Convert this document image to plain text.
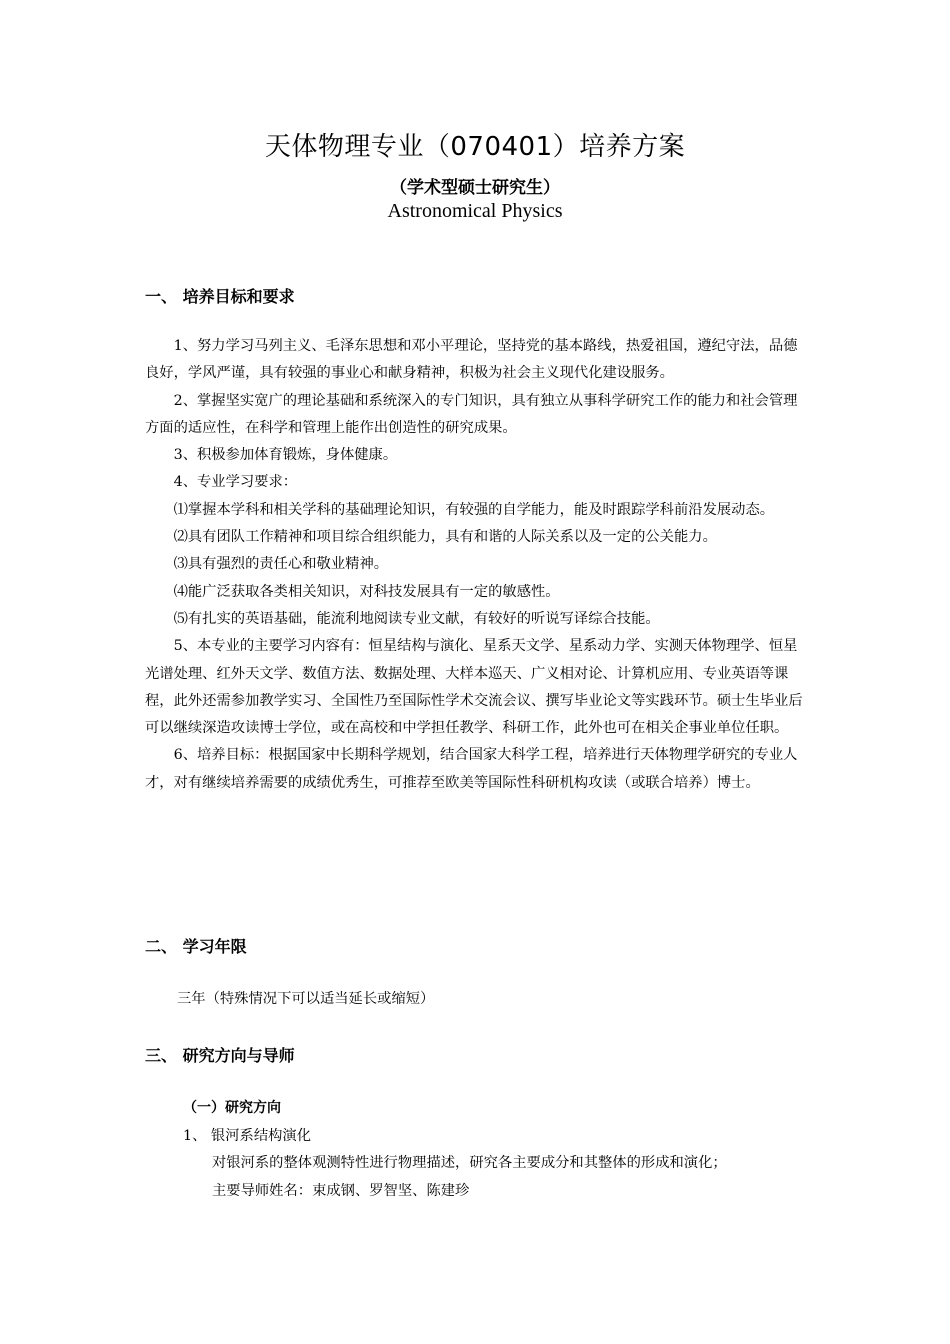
天体物理专业（070401）培养方案
（学术型硕士研究生）
Astronomical Physics
一、 培养目标和要求

1、努力学习马列主义、毛泽东思想和邓小平理论，坚持党的基本路线，热爱祖国，遵纪守法，品德良好，学风严谨，具有较强的事业心和献身精神，积极为社会主义现代化建设服务。

2、掌握坚实宽广的理论基础和系统深入的专门知识，具有独立从事科学研究工作的能力和社会管理方面的适应性，在科学和管理上能作出创造性的研究成果。

3、积极参加体育锻炼，身体健康。

4、专业学习要求：

⑴掌握本学科和相关学科的基础理论知识，有较强的自学能力，能及时跟踪学科前沿发展动态。

⑵具有团队工作精神和项目综合组织能力，具有和谐的人际关系以及一定的公关能力。

⑶具有强烈的责任心和敬业精神。

⑷能广泛获取各类相关知识，对科技发展具有一定的敏感性。

⑸有扎实的英语基础，能流利地阅读专业文献，有较好的听说写译综合技能。

5、本专业的主要学习内容有：恒星结构与演化、星系天文学、星系动力学、实测天体物理学、恒星光谱处理、红外天文学、数值方法、数据处理、大样本巡天、广义相对论、计算机应用、专业英语等课程，此外还需参加教学实习、全国性乃至国际性学术交流会议、撰写毕业论文等实践环节。硕士生毕业后可以继续深造攻读博士学位，或在高校和中学担任教学、科研工作，此外也可在相关企事业单位任职。

6、培养目标：根据国家中长期科学规划，结合国家大科学工程，培养进行天体物理学研究的专业人才，对有继续培养需要的成绩优秀生，可推荐至欧美等国际性科研机构攻读（或联合培养）博士。

二、 学习年限
三年（特殊情况下可以适当延长或缩短）
三、 研究方向与导师
（一）研究方向
1、 银河系结构演化
对银河系的整体观测特性进行物理描述，研究各主要成分和其整体的形成和演化；
主要导师姓名：束成钢、罗智坚、陈建珍
